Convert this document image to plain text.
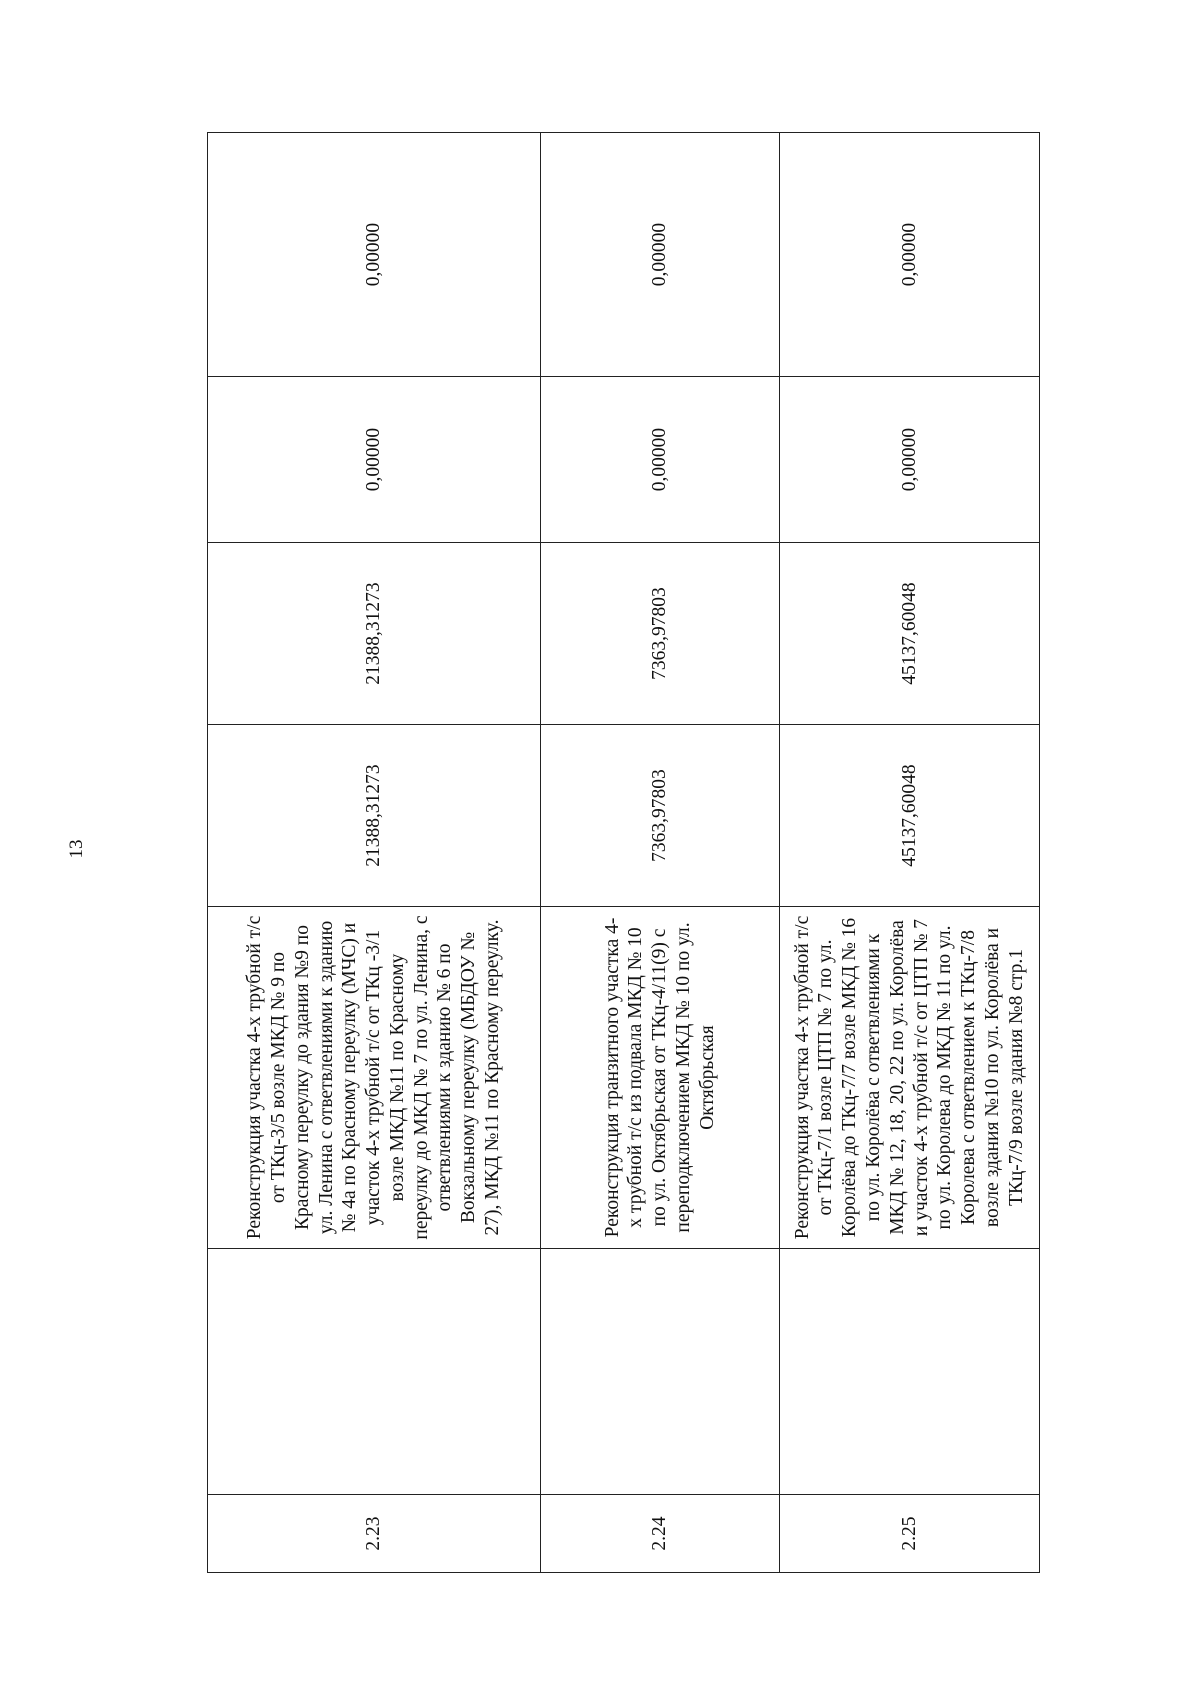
13
2.23		Реконструкция участка 4-х трубной т/с от ТКц-3/5 возле МКД № 9 по Красному переулку до здания №9 по ул. Ленина с ответвлениями к зданию № 4а по Красному переулку (МЧС) и участок 4-х трубной т/с от ТКц -3/1 возле МКД №11 по Красному переулку до МКД № 7 по ул. Ленина, с ответвлениями к зданию № 6 по Вокзальному переулку (МБДОУ № 27), МКД №11 по Красному переулку.	21388,31273	21388,31273	0,00000	0,00000
2.24		Реконструкция транзитного участка 4-х трубной т/с из подвала МКД № 10 по ул. Октябрьская от ТКц-4/11(9) с переподключением МКД № 10 по ул. Октябрьская	7363,97803	7363,97803	0,00000	0,00000
2.25		Реконструкция участка 4-х трубной т/с от ТКц-7/1 возле ЦТП № 7 по ул. Королёва до ТКц-7/7 возле МКД № 16 по ул. Королёва с ответвлениями к МКД № 12, 18, 20, 22 по ул. Королёва и участок 4-х трубной т/с от ЦТП № 7 по ул. Королева до МКД № 11 по ул. Королева с ответвлением к ТКц-7/8 возле здания №10 по ул. Королёва и ТКц-7/9 возле здания №8 стр.1	45137,60048	45137,60048	0,00000	0,00000
